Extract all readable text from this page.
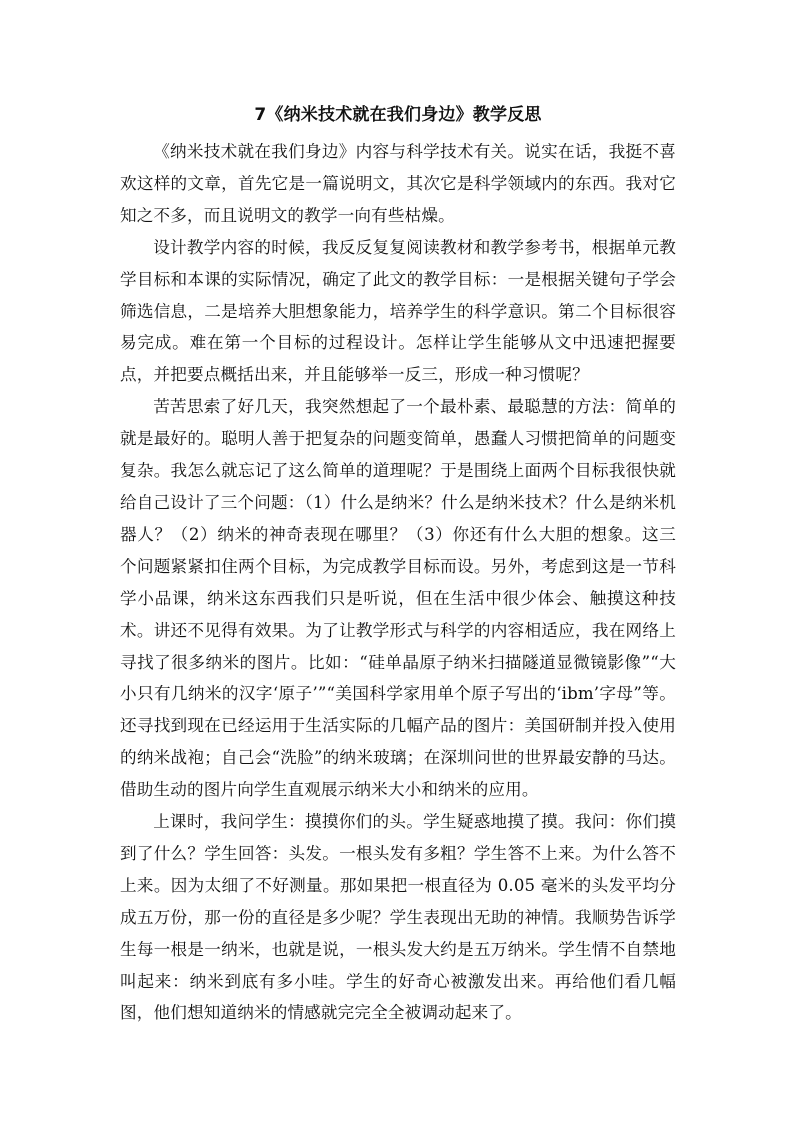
7《纳米技术就在我们身边》教学反思

《纳米技术就在我们身边》内容与科学技术有关。说实在话，我挺不喜欢这样的文章，首先它是一篇说明文，其次它是科学领域内的东西。我对它知之不多，而且说明文的教学一向有些枯燥。

设计教学内容的时候，我反反复复阅读教材和教学参考书，根据单元教学目标和本课的实际情况，确定了此文的教学目标：一是根据关键句子学会筛选信息，二是培养大胆想象能力，培养学生的科学意识。第二个目标很容易完成。难在第一个目标的过程设计。怎样让学生能够从文中迅速把握要点，并把要点概括出来，并且能够举一反三，形成一种习惯呢？

苦苦思索了好几天，我突然想起了一个最朴素、最聪慧的方法：简单的就是最好的。聪明人善于把复杂的问题变简单，愚蠢人习惯把简单的问题变复杂。我怎么就忘记了这么简单的道理呢？于是围绕上面两个目标我很快就给自己设计了三个问题：（1）什么是纳米？什么是纳米技术？什么是纳米机器人？（2）纳米的神奇表现在哪里？（3）你还有什么大胆的想象。这三个问题紧紧扣住两个目标，为完成教学目标而设。另外，考虑到这是一节科学小品课，纳米这东西我们只是听说，但在生活中很少体会、触摸这种技术。讲还不见得有效果。为了让教学形式与科学的内容相适应，我在网络上寻找了很多纳米的图片。比如：“硅单晶原子纳米扫描隧道显微镜影像”“大小只有几纳米的汉字‘原子’”“美国科学家用单个原子写出的‘ibm’字母”等。还寻找到现在已经运用于生活实际的几幅产品的图片：美国研制并投入使用的纳米战袍；自己会“洗脸”的纳米玻璃；在深圳问世的世界最安静的马达。借助生动的图片向学生直观展示纳米大小和纳米的应用。

上课时，我问学生：摸摸你们的头。学生疑惑地摸了摸。我问：你们摸到了什么？学生回答：头发。一根头发有多粗？学生答不上来。为什么答不上来。因为太细了不好测量。那如果把一根直径为 0.05 毫米的头发平均分成五万份，那一份的直径是多少呢？学生表现出无助的神情。我顺势告诉学生每一根是一纳米，也就是说，一根头发大约是五万纳米。学生情不自禁地叫起来：纳米到底有多小哇。学生的好奇心被激发出来。再给他们看几幅图，他们想知道纳米的情感就完完全全被调动起来了。
